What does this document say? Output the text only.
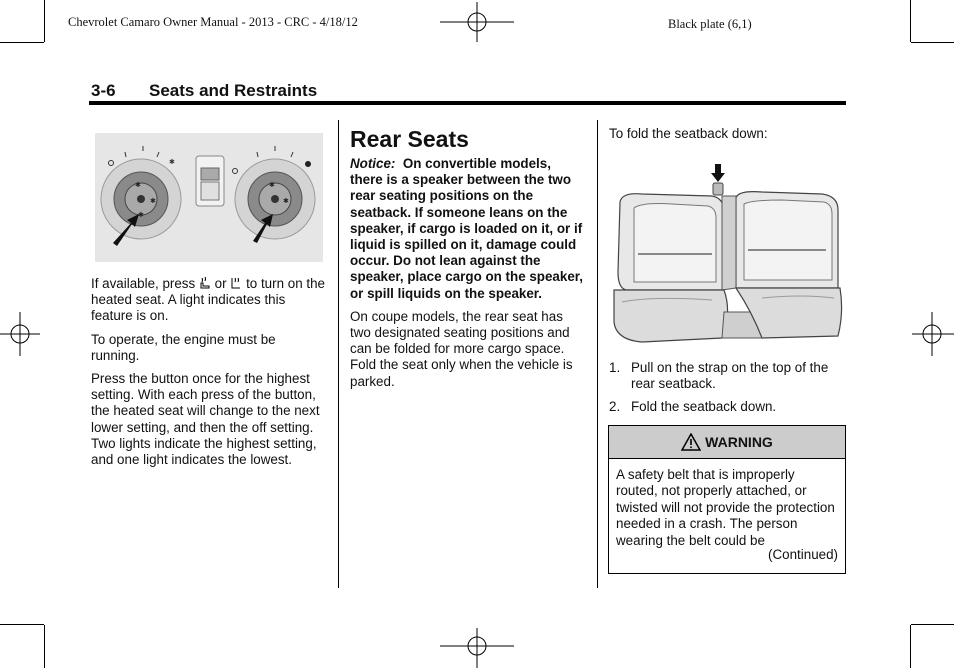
Chevrolet Camaro Owner Manual - 2013 - CRC - 4/18/12	Black plate (6,1)
3-6 Seats and Restraints
✱
✱
✱
✱
✱
✱

If available, press or to turn on the heated seat. A light indicates this feature is on.

To operate, the engine must be running.

Press the button once for the highest setting. With each press of the button, the heated seat will change to the next lower setting, and then the off setting. Two lights indicate the highest setting, and one light indicates the lowest.

Rear Seats

Notice: On convertible models, there is a speaker between the two rear seating positions on the seatback. If someone leans on the speaker, if cargo is loaded on it, or if liquid is spilled on it, damage could occur. Do not lean against the speaker, place cargo on the speaker, or spill liquids on the speaker.

On coupe models, the rear seat has two designated seating positions and can be folded for more cargo space. Fold the seat only when the vehicle is parked.

To fold the seatback down:

1. Pull on the strap on the top of the rear seatback.
2. Fold the seatback down.
WARNING
A safety belt that is improperly routed, not properly attached, or twisted will not provide the protection needed in a crash. The person wearing the belt could be
(Continued)
